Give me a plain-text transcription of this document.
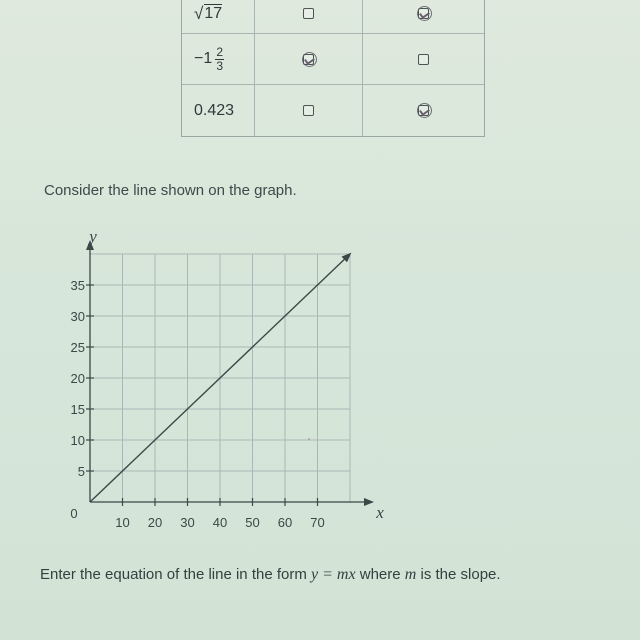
√ 17
$-1 \frac{2}{3}$
0.423

Consider the line shown on the graph.

10 20 30 40 50 60 70
5
10
15
20
25
30
35
0	x
y

Enter the equation of the line in the form y = mx where m is the slope.
